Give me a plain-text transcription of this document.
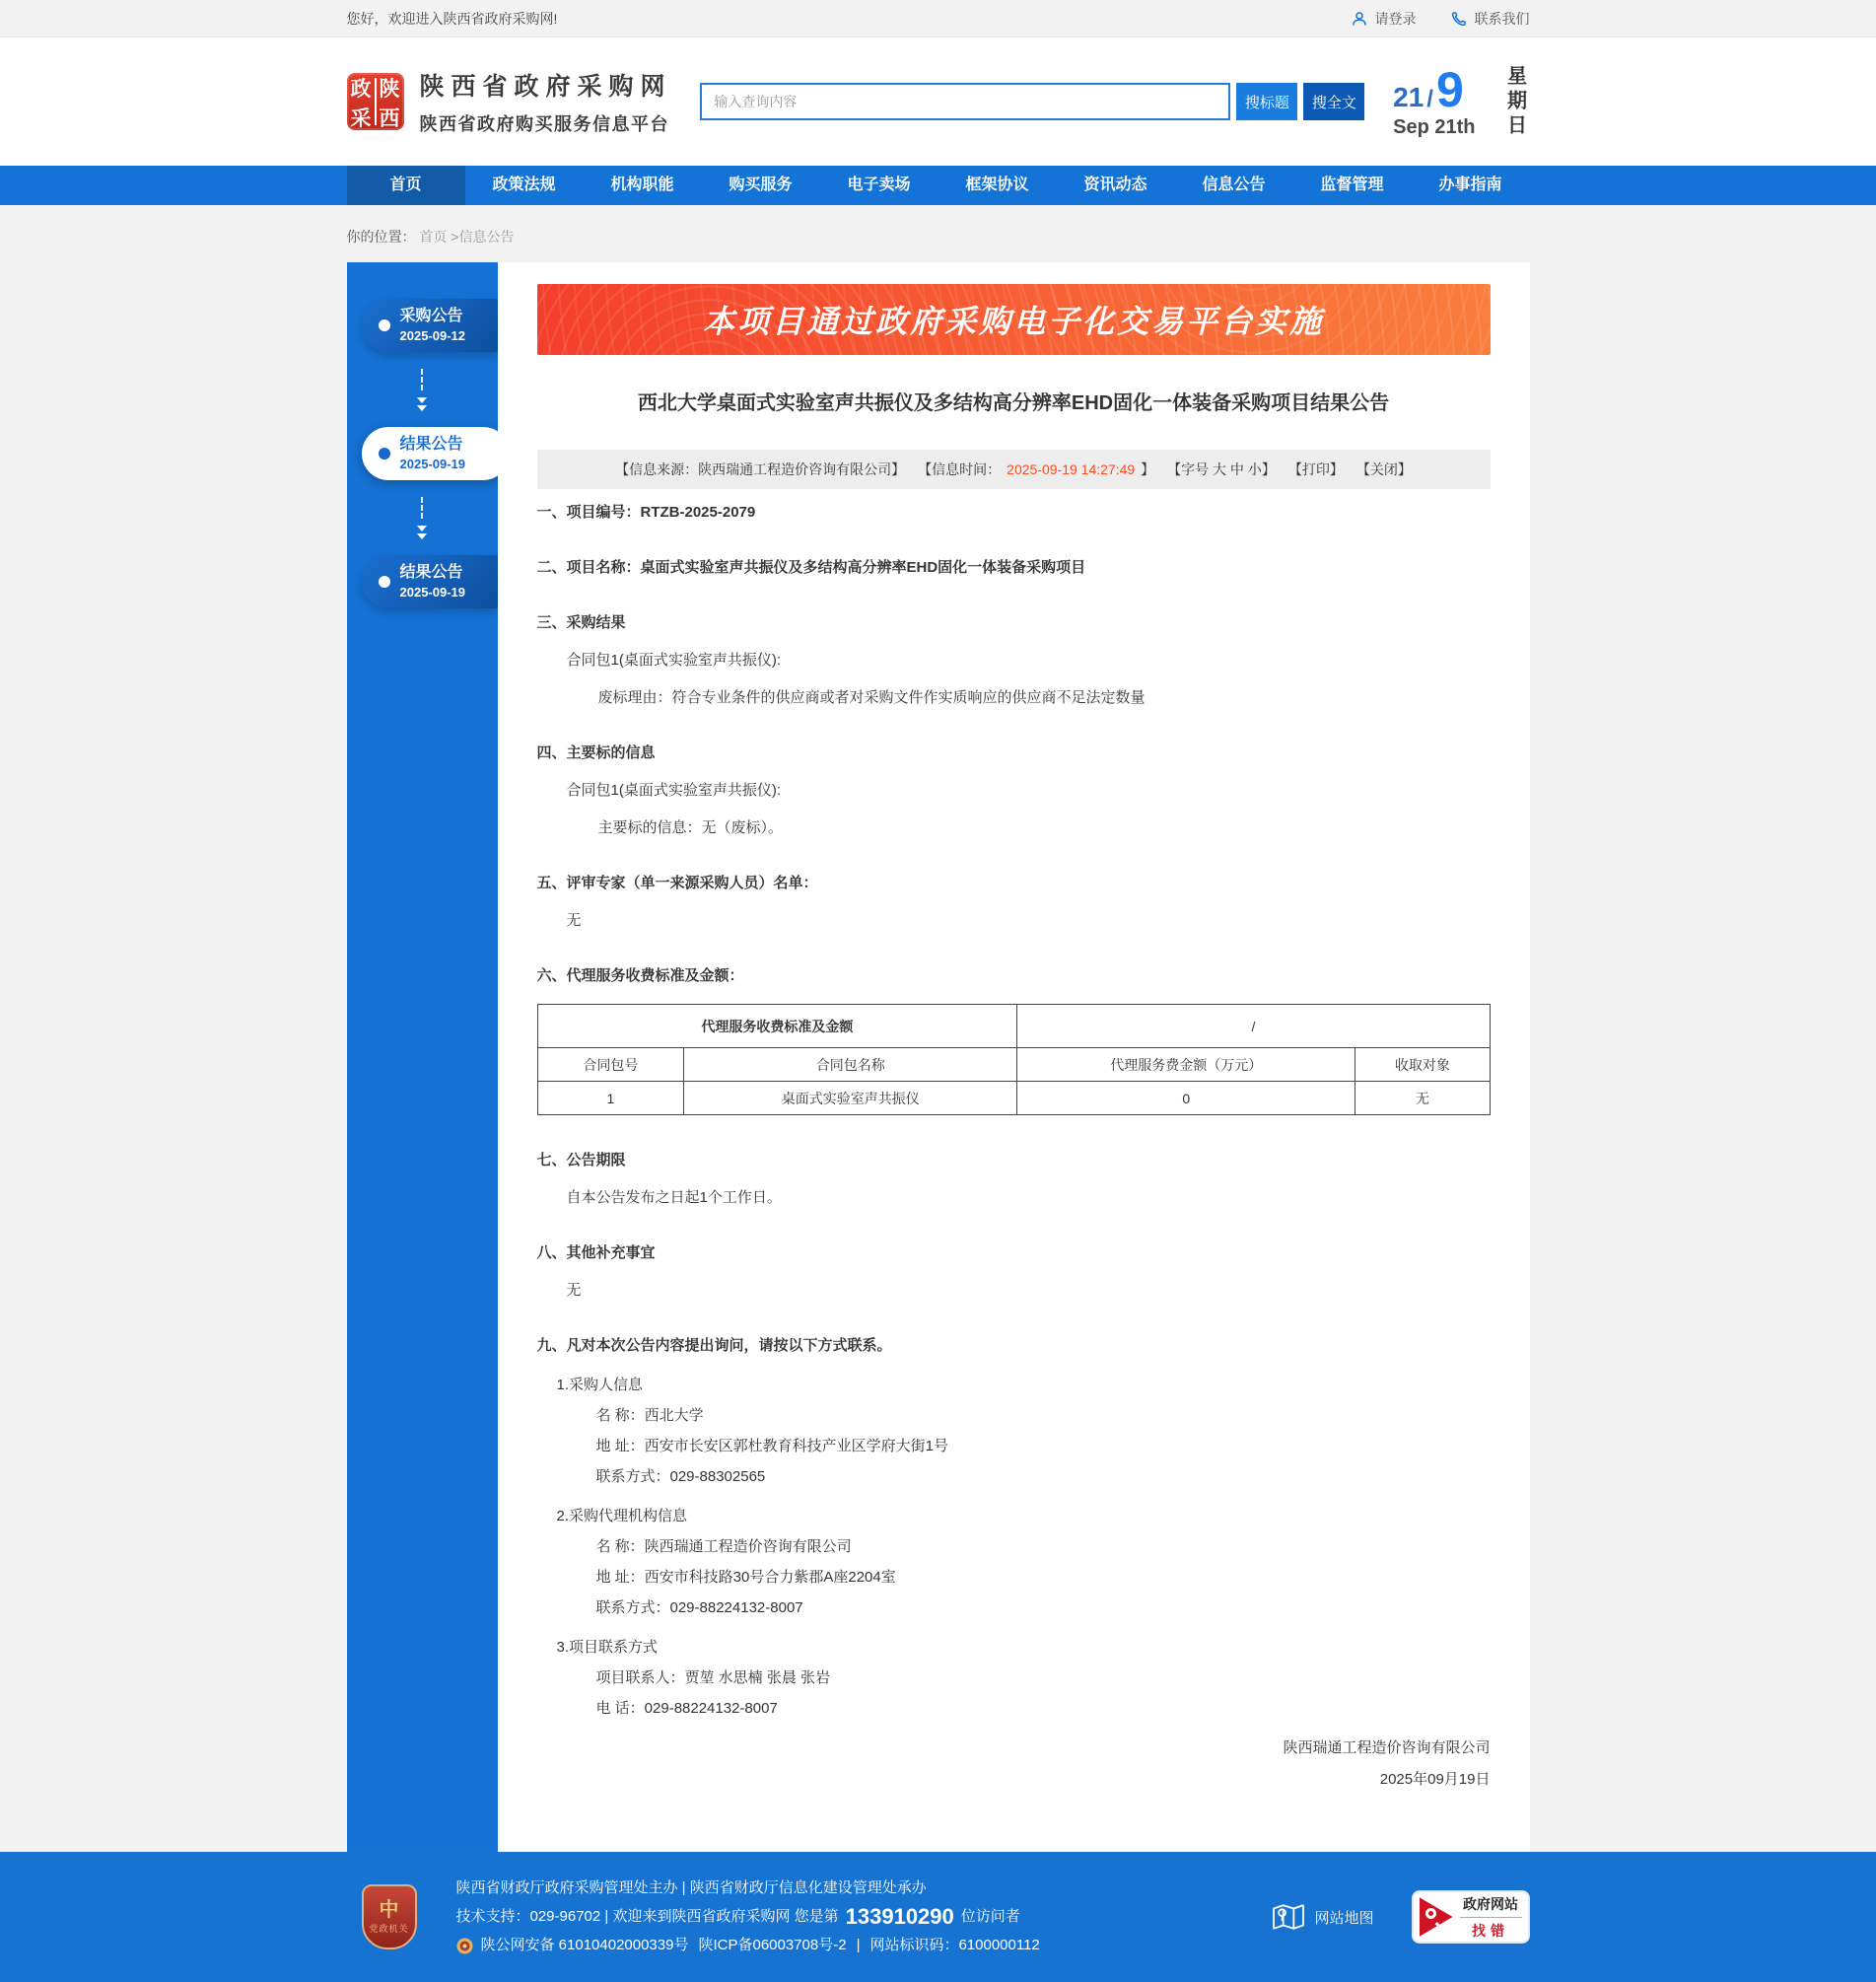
您好，欢迎进入陕西省政府采购网!	请登录	联系我们
政 陕
采 西
陕西省政府采购网
陕西省政府购买服务信息平台
输入查询内容
搜标题	搜全文	21 / 9
Sep 21th 星期日
首页	政策法规	机构职能	购买服务	电子卖场	框架协议	资讯动态	信息公告	监督管理	办事指南
你的位置： 首页 >信息公告
采购公告
2025-09-12
结果公告
2025-09-19
结果公告
2025-09-19
本项目通过政府采购电子化交易平台实施
西北大学桌面式实验室声共振仪及多结构高分辨率EHD固化一体装备采购项目结果公告
【信息来源：陕西瑞通工程造价咨询有限公司】 【信息时间： 2025-09-19 14:27:49 】 【字号 大 中 小】 【打印】 【关闭】

一、项目编号：RTZB-2025-2079

二、项目名称：桌面式实验室声共振仪及多结构高分辨率EHD固化一体装备采购项目

三、采购结果

合同包1(桌面式实验室声共振仪):

废标理由：符合专业条件的供应商或者对采购文件作实质响应的供应商不足法定数量

四、主要标的信息

合同包1(桌面式实验室声共振仪):

主要标的信息：无（废标）。

五、评审专家（单一来源采购人员）名单：

无

六、代理服务收费标准及金额：

代理服务收费标准及金额		/	
合同包号	合同包名称	代理服务费金额（万元）	收取对象
1	桌面式实验室声共振仪	0	无

七、公告期限

自本公告发布之日起1个工作日。

八、其他补充事宜

无

九、凡对本次公告内容提出询问，请按以下方式联系。

1.采购人信息

名 称：西北大学

地 址：西安市长安区郭杜教育科技产业区学府大街1号

联系方式：029-88302565

2.采购代理机构信息

名 称：陕西瑞通工程造价咨询有限公司

地 址：西安市科技路30号合力紫郡A座2204室

联系方式：029-88224132-8007

3.项目联系方式

项目联系人：贾堃 水思楠 张晨 张岩

电 话：029-88224132-8007

陕西瑞通工程造价咨询有限公司
2025年09月19日
中
党政机关
陕西省财政厅政府采购管理处主办 | 陕西省财政厅信息化建设管理处承办
技术支持：029-96702 | 欢迎来到陕西省政府采购网 您是第 133910290 位访问者
陕公网安备 61010402000339号 陕ICP备06003708号-2 | 网站标识码：6100000112
网站地图
政府网站
找错
